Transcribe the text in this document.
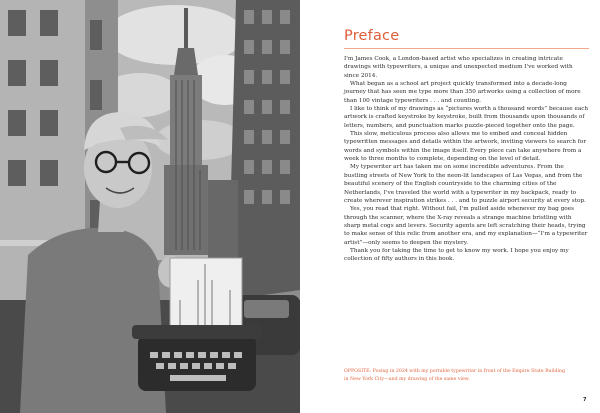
Preface

I'm James Cook, a London-based artist who specializes in creating intricate drawings with typewriters, a unique and unexpected medium I've worked with since 2014.

What began as a school art project quickly transformed into a decade-long journey that has seen me type more than 350 artworks using a collection of more than 100 vintage typewriters . . . and counting.

I like to think of my drawings as “pictures worth a thousand words” because each artwork is crafted keystroke by keystroke, built from thousands upon thousands of letters, numbers, and punctuation marks puzzle-pieced together onto the page.

This slow, meticulous process also allows me to embed and conceal hidden typewritten messages and details within the artwork, inviting viewers to search for words and symbols within the image itself. Every piece can take anywhere from a week to three months to complete, depending on the level of detail.

My typewriter art has taken me on some incredible adventures. From the bustling streets of New York to the neon-lit landscapes of Las Vegas, and from the beautiful scenery of the English countryside to the charming cities of the Netherlands, I've traveled the world with a typewriter in my backpack, ready to create wherever inspiration strikes . . . and to puzzle airport security at every stop.

Yes, you read that right. Without fail, I'm pulled aside whenever my bag goes through the scanner, where the X-ray reveals a strange machine bristling with sharp metal cogs and levers. Security agents are left scratching their heads, trying to make sense of this relic from another era, and my explanation—“I'm a typewriter artist”—only seems to deepen the mystery.

Thank you for taking the time to get to know my work. I hope you enjoy my collection of fifty authors in this book.

OPPOSITE: Posing in 2024 with my portable typewriter in front of the Empire State Building in New York City—and my drawing of the same view.

7
